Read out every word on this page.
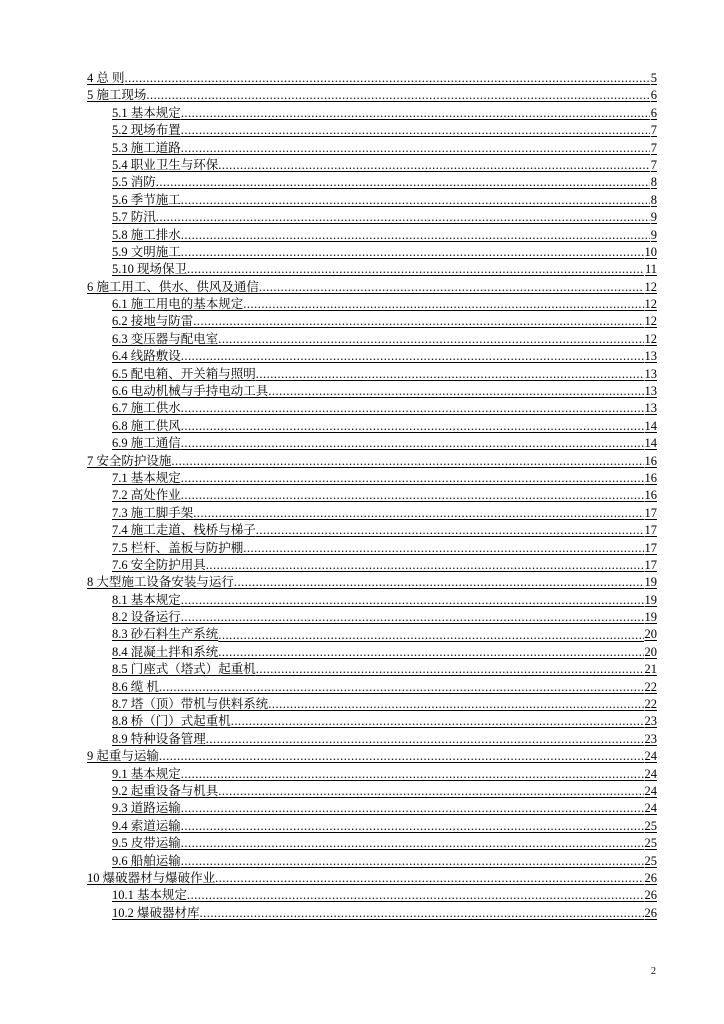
4 总 则 .....	5
5 施工现场 .....	6
5.1 基本规定 .....	6
5.2 现场布置 .....	7
5.3 施工道路 .....	7
5.4 职业卫生与环保 .....	7
5.5 消防 .....	8
5.6 季节施工 .....	8
5.7 防汛 .....	9
5.8 施工排水 .....	9
5.9 文明施工 .....	10
5.10 现场保卫 .....	11
6 施工用工、供水、供风及通信 .....	12
6.1 施工用电的基本规定 .....	12
6.2 接地与防雷 .....	12
6.3 变压器与配电室 .....	12
6.4 线路敷设 .....	13
6.5 配电箱、开关箱与照明 .....	13
6.6 电动机械与手持电动工具 .....	13
6.7 施工供水 .....	13
6.8 施工供风 .....	14
6.9 施工通信 .....	14
7 安全防护设施 .....	16
7.1 基本规定 .....	16
7.2 高处作业 .....	16
7.3 施工脚手架 .....	17
7.4 施工走道、栈桥与梯子 .....	17
7.5 栏杆、盖板与防护棚 .....	17
7.6 安全防护用具 .....	17
8 大型施工设备安装与运行 .....	19
8.1 基本规定 .....	19
8.2 设备运行 .....	19
8.3 砂石料生产系统 .....	20
8.4 混凝土拌和系统 .....	20
8.5 门座式（塔式）起重机 .....	21
8.6 缆 机 .....	22
8.7 塔（顶）带机与供料系统 .....	22
8.8 桥（门）式起重机 .....	23
8.9 特种设备管理 .....	23
9 起重与运输 .....	24
9.1 基本规定 .....	24
9.2 起重设备与机具 .....	24
9.3 道路运输 .....	24
9.4 索道运输 .....	25
9.5 皮带运输 .....	25
9.6 船舶运输 .....	25
10 爆破器材与爆破作业 .....	26
10.1 基本规定 .....	26
10.2 爆破器材库 .....	26
2
